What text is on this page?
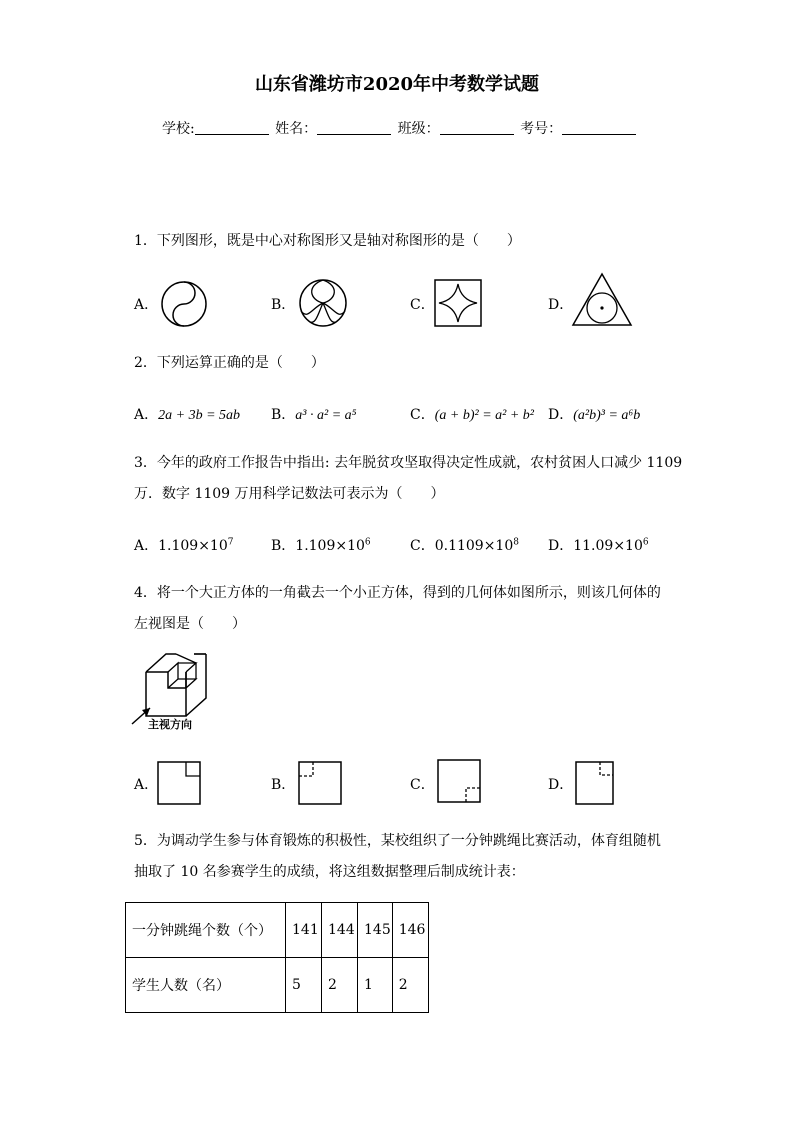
山东省潍坊市2020年中考数学试题
学校:	姓名：	班级：	考号：
1．下列图形，既是中心对称图形又是轴对称图形的是（　　）
A．	B．	C．	D．
2．下列运算正确的是（　　）
A．2a + 3b = 5ab B．a³ · a² = a⁵	C．(a + b)² = a² + b² D．(a²b)³ = a⁶b
3．今年的政府工作报告中指出: 去年脱贫攻坚取得决定性成就，农村贫困人口减少 1109
万．数字 1109 万用科学记数法可表示为（　　）
A．$1.109\times 10^7$	B．$1.109\times 10^6$	C．$0.1109\times 10^8$ D．$11.09\times 10^6$
4．将一个大正方体的一角截去一个小正方体，得到的几何体如图所示，则该几何体的
左视图是（　　）
主视方向
A．	B．	C．	D．
5．为调动学生参与体育锻炼的积极性，某校组织了一分钟跳绳比赛活动，体育组随机
抽取了 10 名参赛学生的成绩，将这组数据整理后制成统计表：
一分钟跳绳个数（个）	141	144	145	146
学生人数（名）	5	2	1	2
